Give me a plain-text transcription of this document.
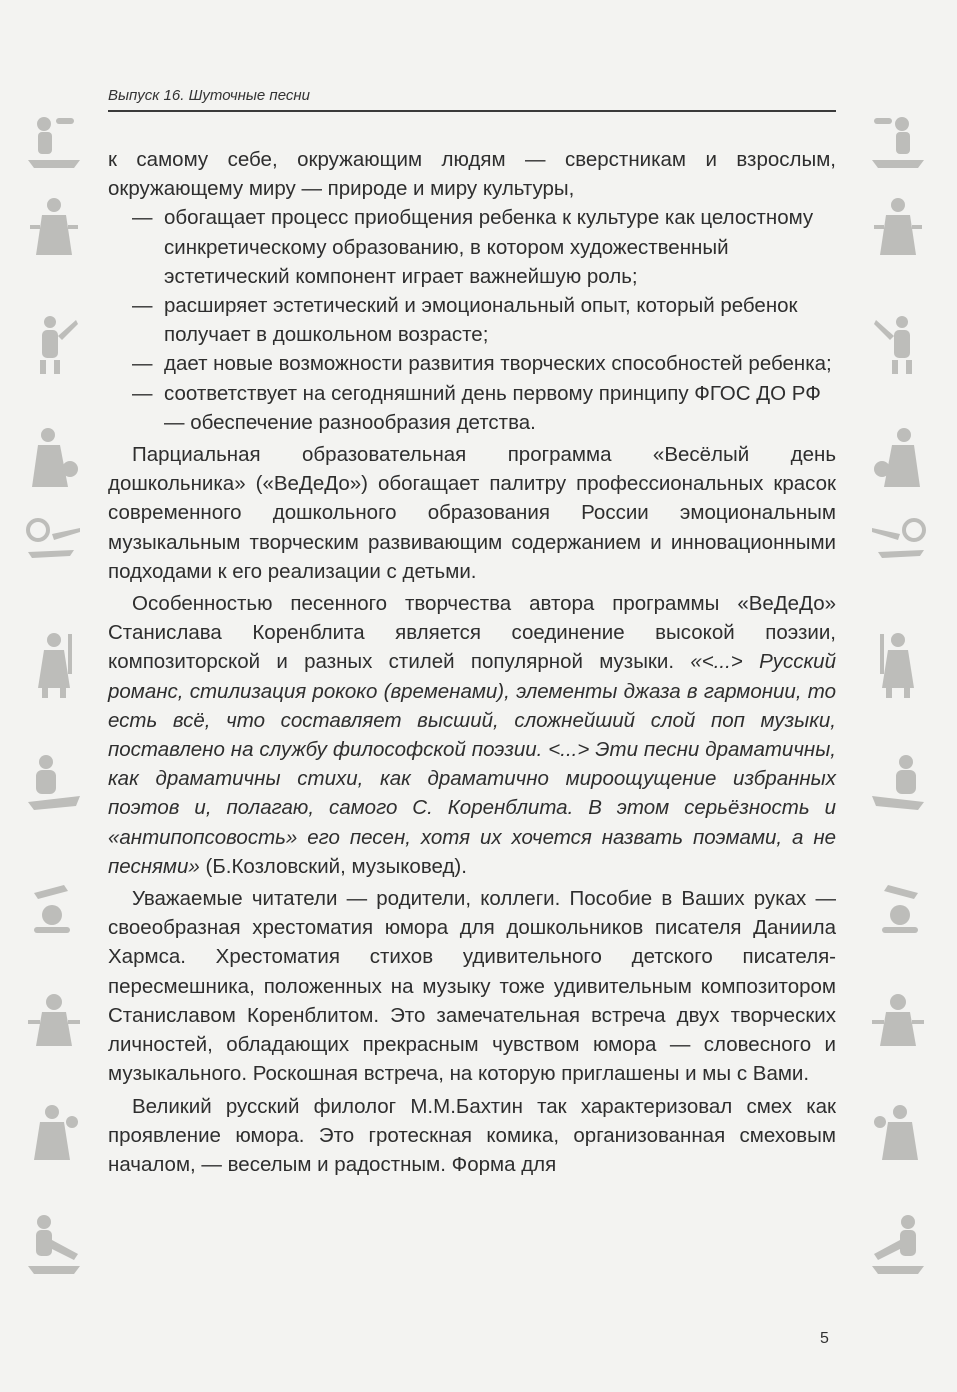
Выпуск 16. Шуточные песни

к самому себе, окружающим людям — сверстникам и взрослым, окружающему миру — природе и миру культуры,

— обогащает процесс приобщения ребенка к культуре как целостному синкретическому образованию, в котором художественный эстетический компонент играет важнейшую роль;
— расширяет эстетический и эмоциональный опыт, который ребенок получает в дошкольном возрасте;
— дает новые возможности развития творческих способностей ребенка;
— соответствует на сегодняшний день первому принципу ФГОС ДО РФ — обеспечение разнообразия детства.

Парциальная образовательная программа «Весёлый день дошкольника» («ВеДеДо») обогащает палитру профессиональных красок современного дошкольного образования России эмоциональным музыкальным творческим развивающим содержанием и инновационными подходами к его реализации с детьми.

Особенностью песенного творчества автора программы «ВеДеДо» Станислава Коренблита является соединение высокой поэзии, композиторской и разных стилей популярной музыки. «<...> Русский романс, стилизация рококо (временами), элементы джаза в гармонии, то есть всё, что составляет высший, сложнейший слой поп музыки, поставлено на службу философской поэзии. <...> Эти песни драматичны, как драматичны стихи, как драматично мироощущение избранных поэтов и, полагаю, самого С. Коренблита. В этом серьёзность и «антипопсовость» его песен, хотя их хочется назвать поэмами, а не песнями» (Б.Козловский, музыковед).

Уважаемые читатели — родители, коллеги. Пособие в Ваших руках — своеобразная хрестоматия юмора для дошкольников писателя Даниила Хармса. Хрестоматия стихов удивительного детского писателя-пересмешника, положенных на музыку тоже удивительным композитором Станиславом Коренблитом. Это замечательная встреча двух творческих личностей, обладающих прекрасным чувством юмора — словесного и музыкального. Роскошная встреча, на которую приглашены и мы с Вами.

Великий русский филолог М.М.Бахтин так характеризовал смех как проявление юмора. Это гротескная комика, организованная смеховым началом, — веселым и радостным. Форма для

5
